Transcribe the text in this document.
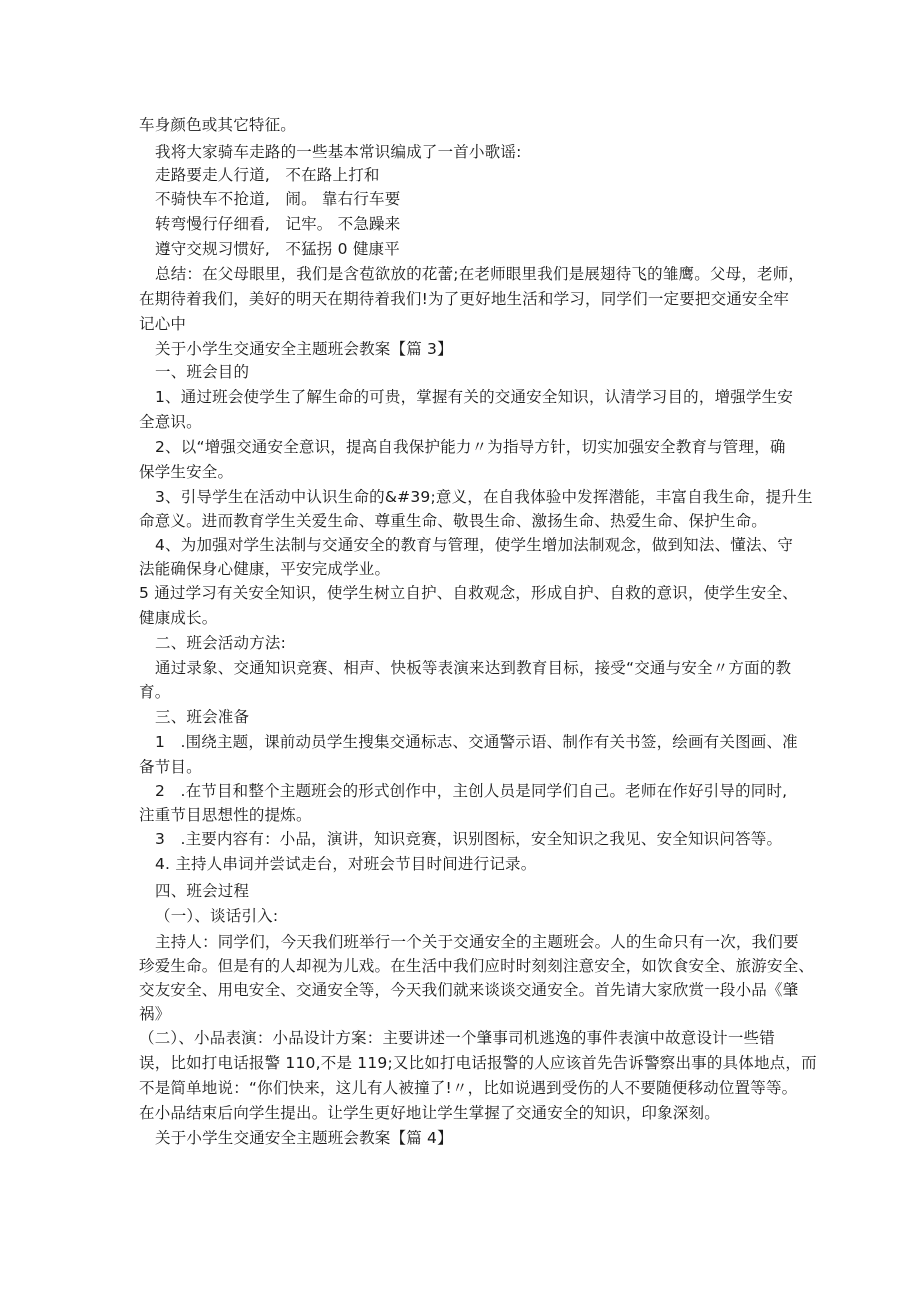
车身颜色或其它特征。
我将大家骑车走路的一些基本常识编成了一首小歌谣:
走路要走人行道,   不在路上打和
不骑快车不抢道,   闹。 靠右行车要
转弯慢行仔细看,   记牢。 不急躁来
遵守交规习惯好,   不猛拐 0 健康平
总结：在父母眼里，我们是含苞欲放的花蕾;在老师眼里我们是展翅待飞的雏鹰。父母，老师，
在期待着我们，美好的明天在期待着我们!为了更好地生活和学习，同学们一定要把交通安全牢
记心中
关于小学生交通安全主题班会教案【篇 3】
一、班会目的
1、通过班会使学生了解生命的可贵，掌握有关的交通安全知识，认清学习目的，增强学生安
全意识。
2、以“增强交通安全意识，提高自我保护能力〃为指导方针，切实加强安全教育与管理，确
保学生安全。
3、引导学生在活动中认识生命的&#39;意义，在自我体验中发挥潜能，丰富自我生命，提升生
命意义。进而教育学生关爱生命、尊重生命、敬畏生命、激扬生命、热爱生命、保护生命。
4、为加强对学生法制与交通安全的教育与管理，使学生增加法制观念，做到知法、懂法、守
法能确保身心健康，平安完成学业。
5 通过学习有关安全知识，使学生树立自护、自救观念，形成自护、自救的意识，使学生安全、
健康成长。
二、班会活动方法:
通过录象、交通知识竞赛、相声、快板等表演来达到教育目标，接受“交通与安全〃方面的教
育。
三、班会准备
1   .围绕主题，课前动员学生搜集交通标志、交通警示语、制作有关书签，绘画有关图画、准
备节目。
2   .在节目和整个主题班会的形式创作中，主创人员是同学们自己。老师在作好引导的同时,
注重节目思想性的提炼。
3   .主要内容有：小品，演讲，知识竞赛，识别图标，安全知识之我见、安全知识问答等。
4. 主持人串词并尝试走台，对班会节目时间进行记录。
四、班会过程
（一）、谈话引入:
主持人：同学们，今天我们班举行一个关于交通安全的主题班会。人的生命只有一次，我们要
珍爱生命。但是有的人却视为儿戏。在生活中我们应时时刻刻注意安全，如饮食安全、旅游安全、
交友安全、用电安全、交通安全等，今天我们就来谈谈交通安全。首先请大家欣赏一段小品《肇
祸》
（二）、小品表演：小品设计方案：主要讲述一个肇事司机逃逸的事件表演中故意设计一些错
误，比如打电话报警 110,不是 119;又比如打电话报警的人应该首先告诉警察出事的具体地点，而
不是简单地说：“你们快来，这儿有人被撞了!〃，比如说遇到受伤的人不要随便移动位置等等。
在小品结束后向学生提出。让学生更好地让学生掌握了交通安全的知识，印象深刻。
关于小学生交通安全主题班会教案【篇 4】
